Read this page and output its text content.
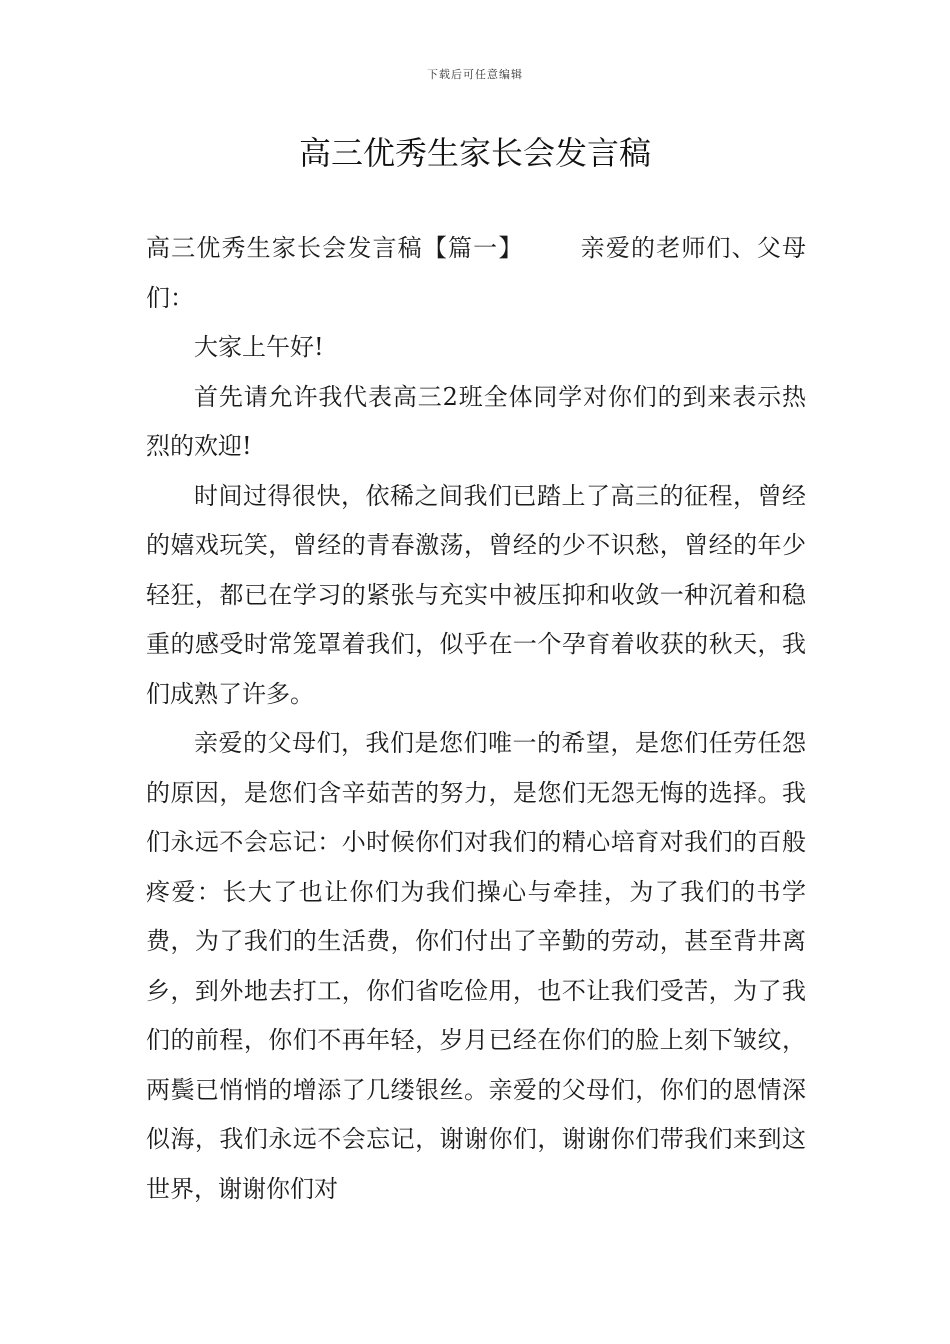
下载后可任意编辑
高三优秀生家长会发言稿

高三优秀生家长会发言稿【篇一】 亲爱的老师们、父母们：

大家上午好!

首先请允许我代表高三2班全体同学对你们的到来表示热烈的欢迎!

时间过得很快，依稀之间我们已踏上了高三的征程，曾经的嬉戏玩笑，曾经的青春激荡，曾经的少不识愁，曾经的年少轻狂，都已在学习的紧张与充实中被压抑和收敛一种沉着和稳重的感受时常笼罩着我们，似乎在一个孕育着收获的秋天，我们成熟了许多。

亲爱的父母们，我们是您们唯一的希望，是您们任劳任怨的原因，是您们含辛茹苦的努力，是您们无怨无悔的选择。我们永远不会忘记：小时候你们对我们的精心培育对我们的百般疼爱：长大了也让你们为我们操心与牵挂，为了我们的书学费，为了我们的生活费，你们付出了辛勤的劳动，甚至背井离乡，到外地去打工，你们省吃俭用，也不让我们受苦，为了我们的前程，你们不再年轻，岁月已经在你们的脸上刻下皱纹，两鬓已悄悄的增添了几缕银丝。亲爱的父母们，你们的恩情深似海，我们永远不会忘记，谢谢你们，谢谢你们带我们来到这世界，谢谢你们对
